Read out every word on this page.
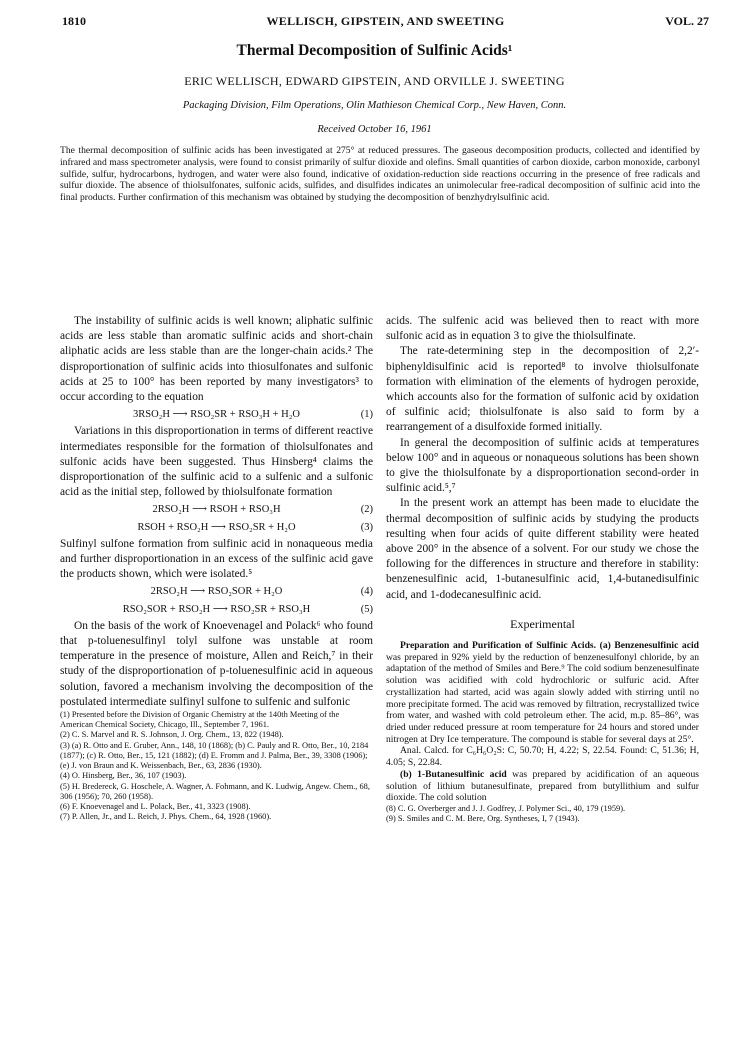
1810	WELLISCH, GIPSTEIN, AND SWEETING	VOL. 27
Thermal Decomposition of Sulfinic Acids¹
ERIC WELLISCH, EDWARD GIPSTEIN, AND ORVILLE J. SWEETING
Packaging Division, Film Operations, Olin Mathieson Chemical Corp., New Haven, Conn.
Received October 16, 1961
The thermal decomposition of sulfinic acids has been investigated at 275° at reduced pressures. The gaseous decomposition products, collected and identified by infrared and mass spectrometer analysis, were found to consist primarily of sulfur dioxide and olefins. Small quantities of carbon dioxide, carbon monoxide, carbonyl sulfide, sulfur, hydrocarbons, hydrogen, and water were also found, indicative of oxidation-reduction side reactions occurring in the presence of free radicals and sulfur dioxide. The absence of thiolsulfonates, sulfonic acids, sulfides, and disulfides indicates an unimolecular free-radical decomposition of sulfinic acid into the final products. Further confirmation of this mechanism was obtained by studying the decomposition of benzhydrylsulfinic acid.

The instability of sulfinic acids is well known; aliphatic sulfinic acids are less stable than aromatic sulfinic acids and short-chain aliphatic acids are less stable than are the longer-chain acids.² The disproportionation of sulfinic acids into thiosulfonates and sulfonic acids at 25 to 100° has been reported by many investigators³ to occur according to the equation

3RSO₂H ⟶ RSO₂SR + RSO₃H + H₂O	(1)

Variations in this disproportionation in terms of different reactive intermediates responsible for the formation of thiolsulfonates and sulfonic acids have been suggested. Thus Hinsberg⁴ claims the disproportionation of the sulfinic acid to a sulfenic and a sulfonic acid as the initial step, followed by thiolsulfonate formation

2RSO₂H ⟶ RSOH + RSO₃H	(2)
RSOH + RSO₂H ⟶ RSO₂SR + H₂O	(3)

Sulfinyl sulfone formation from sulfinic acid in nonaqueous media and further disproportionation in an excess of the sulfinic acid gave the products shown, which were isolated.⁵

2RSO₂H ⟶ RSO₂SOR + H₂O	(4)
RSO₂SOR + RSO₂H ⟶ RSO₂SR + RSO₃H	(5)

On the basis of the work of Knoevenagel and Polack⁶ who found that p-toluenesulfinyl tolyl sulfone was unstable at room temperature in the presence of moisture, Allen and Reich,⁷ in their study of the disproportionation of p-toluenesulfinic acid in aqueous solution, favored a mechanism involving the decomposition of the postulated intermediate sulfinyl sulfone to sulfenic and sulfonic

(1) Presented before the Division of Organic Chemistry at the 140th Meeting of the American Chemical Society, Chicago, Ill., September 7, 1961.
(2) C. S. Marvel and R. S. Johnson, J. Org. Chem., 13, 822 (1948).
(3) (a) R. Otto and E. Gruber, Ann., 148, 10 (1868); (b) C. Pauly and R. Otto, Ber., 10, 2184 (1877); (c) R. Otto, Ber., 15, 121 (1882); (d) E. Fromm and J. Palma, Ber., 39, 3308 (1906); (e) J. von Braun and K. Weissenbach, Ber., 63, 2836 (1930).
(4) O. Hinsberg, Ber., 36, 107 (1903).
(5) H. Bredereck, G. Hoschele, A. Wagner, A. Fohmann, and K. Ludwig, Angew. Chem., 68, 306 (1956); 70, 260 (1958).
(6) F. Knoevenagel and L. Polack, Ber., 41, 3323 (1908).
(7) P. Allen, Jr., and L. Reich, J. Phys. Chem., 64, 1928 (1960).

acids. The sulfenic acid was believed then to react with more sulfonic acid as in equation 3 to give the thiolsulfinate.

The rate-determining step in the decomposition of 2,2′-biphenyldisulfinic acid is reported⁸ to involve thiolsulfonate formation with elimination of the elements of hydrogen peroxide, which accounts also for the formation of sulfonic acid by oxidation of sulfinic acid; thiolsulfonate is also said to form by a rearrangement of a disulfoxide formed initially.

In general the decomposition of sulfinic acids at temperatures below 100° and in aqueous or nonaqueous solutions has been shown to give the thiolsulfonate by a disproportionation second-order in sulfinic acid.⁵,⁷

In the present work an attempt has been made to elucidate the thermal decomposition of sulfinic acids by studying the products resulting when four acids of quite different stability were heated above 200° in the absence of a solvent. For our study we chose the following for the differences in structure and therefore in stability: benzenesulfinic acid, 1-butanesulfinic acid, 1,4-butanedisulfinic acid, and 1-dodecanesulfinic acid.

Experimental

Preparation and Purification of Sulfinic Acids. (a) Benzenesulfinic acid was prepared in 92% yield by the reduction of benzenesulfonyl chloride, by an adaptation of the method of Smiles and Bere.⁹ The cold sodium benzenesulfinate solution was acidified with cold hydrochloric or sulfuric acid. After crystallization had started, acid was again slowly added with stirring until no more precipitate formed. The acid was removed by filtration, recrystallized twice from water, and washed with cold petroleum ether. The acid, m.p. 85–86°, was dried under reduced pressure at room temperature for 24 hours and stored under nitrogen at Dry Ice temperature. The compound is stable for several days at 25°.

Anal. Calcd. for C₆H₆O₂S: C, 50.70; H, 4.22; S, 22.54. Found: C, 51.36; H, 4.05; S, 22.84.

(b) 1-Butanesulfinic acid was prepared by acidification of an aqueous solution of lithium butanesulfinate, prepared from butyllithium and sulfur dioxide. The cold solution

(8) C. G. Overberger and J. J. Godfrey, J. Polymer Sci., 40, 179 (1959).
(9) S. Smiles and C. M. Bere, Org. Syntheses, I, 7 (1943).
